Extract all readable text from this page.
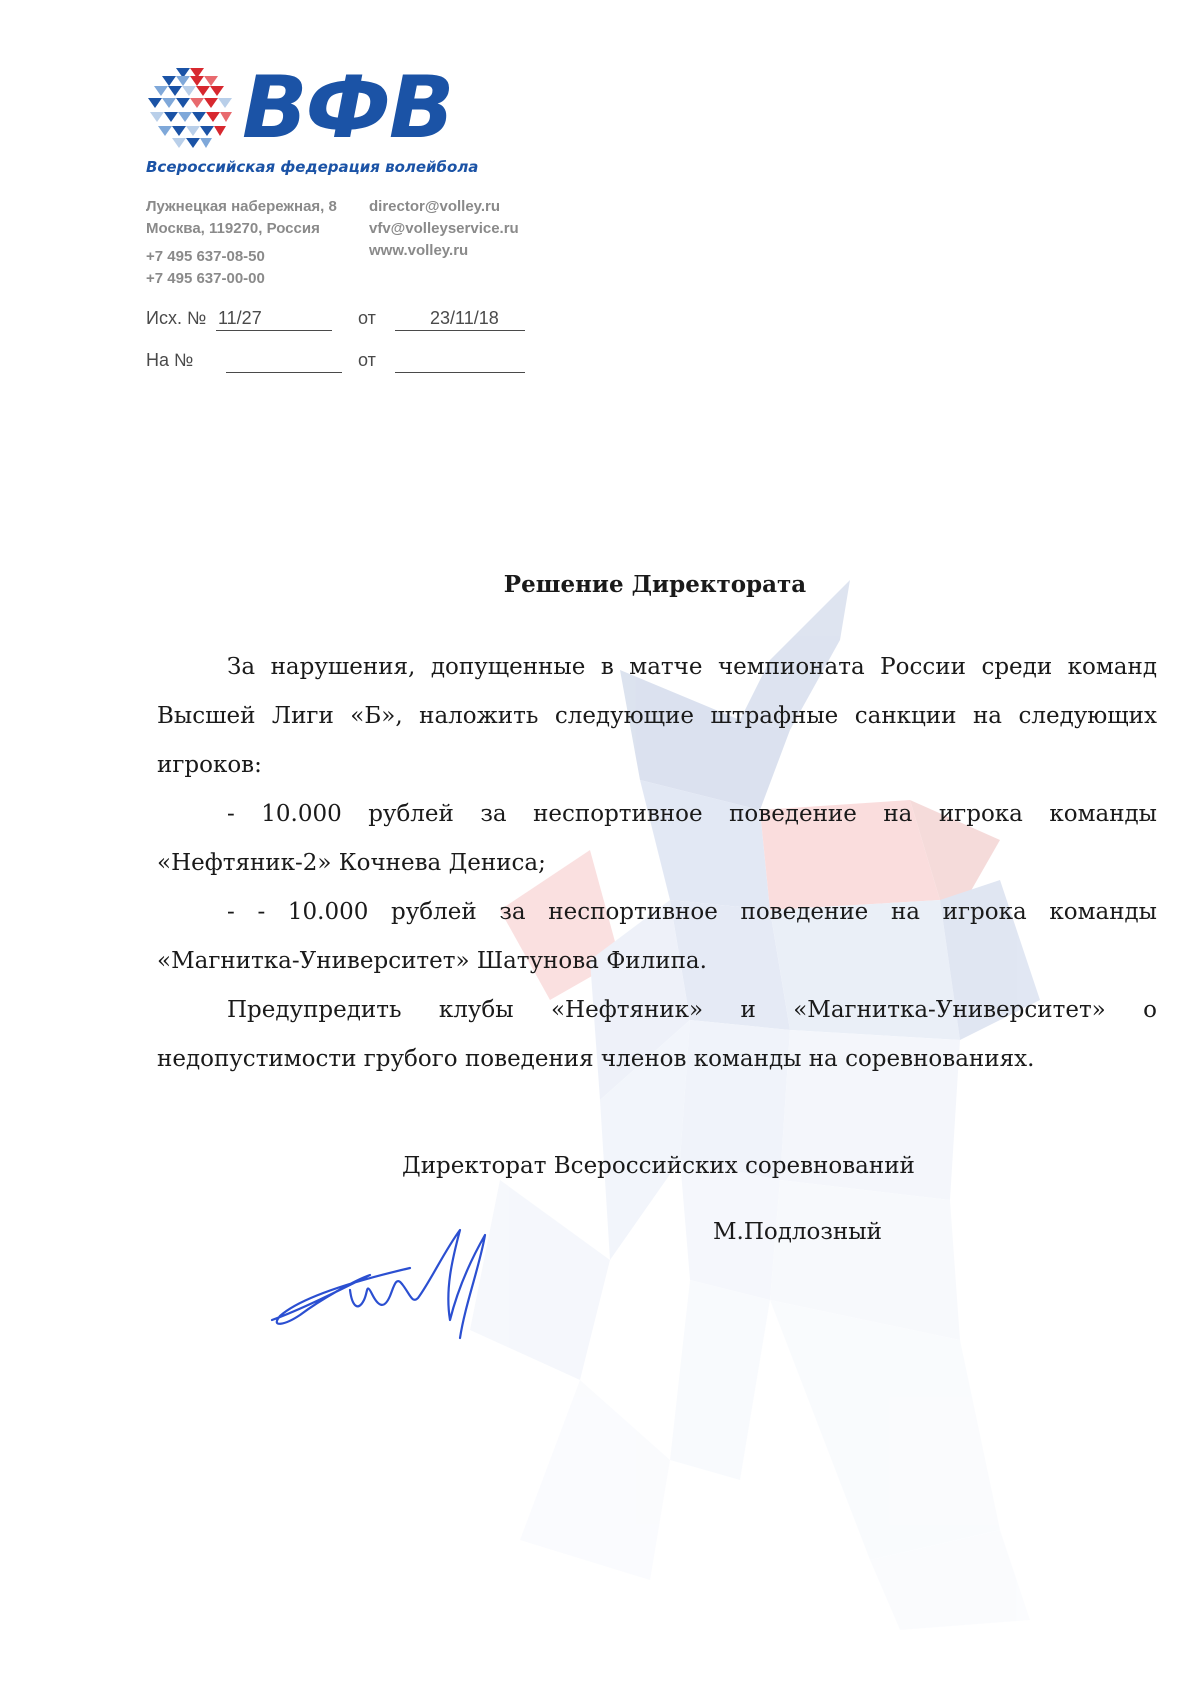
ВФВ
Всероссийская федерация волейбола
Лужнецкая набережная, 8
Москва, 119270, Россия
+7 495 637-08-50
+7 495 637-00-00
director@volley.ru
vfv@volleyservice.ru
www.volley.ru
Исх. № 11/27	от	23/11/18
На №	от
Решение Директората

За нарушения, допущенные в матче чемпионата России среди команд Высшей Лиги «Б», наложить следующие штрафные санкции на следующих игроков:

- 10.000 рублей за неспортивное поведение на игрока команды «Нефтяник-2» Кочнева Дениса;

- - 10.000 рублей за неспортивное поведение на игрока команды «Магнитка-Университет» Шатунова Филипа.

Предупредить клубы «Нефтяник» и «Магнитка-Университет» о недопустимости грубого поведения членов команды на соревнованиях.

Директорат Всероссийских соревнований
М.Подлозный
